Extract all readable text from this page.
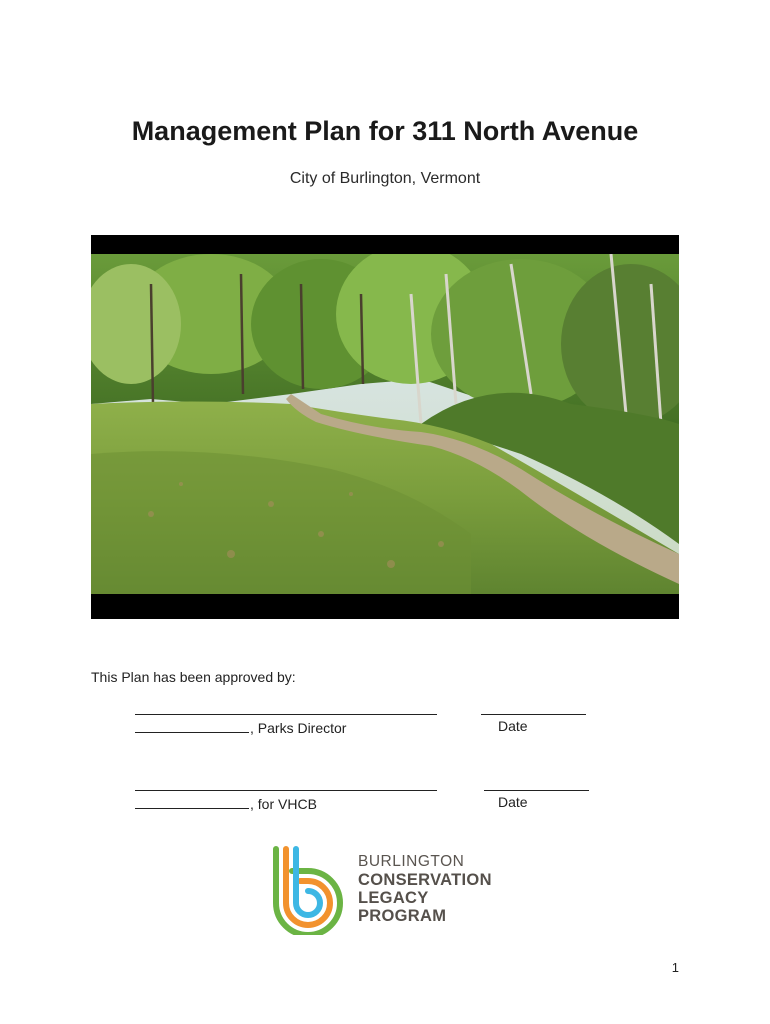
Management Plan for 311 North Avenue
City of Burlington, Vermont
This Plan has been approved by:
, Parks Director	Date
, for VHCB	Date
BURLINGTON
CONSERVATION
LEGACY
PROGRAM
1
